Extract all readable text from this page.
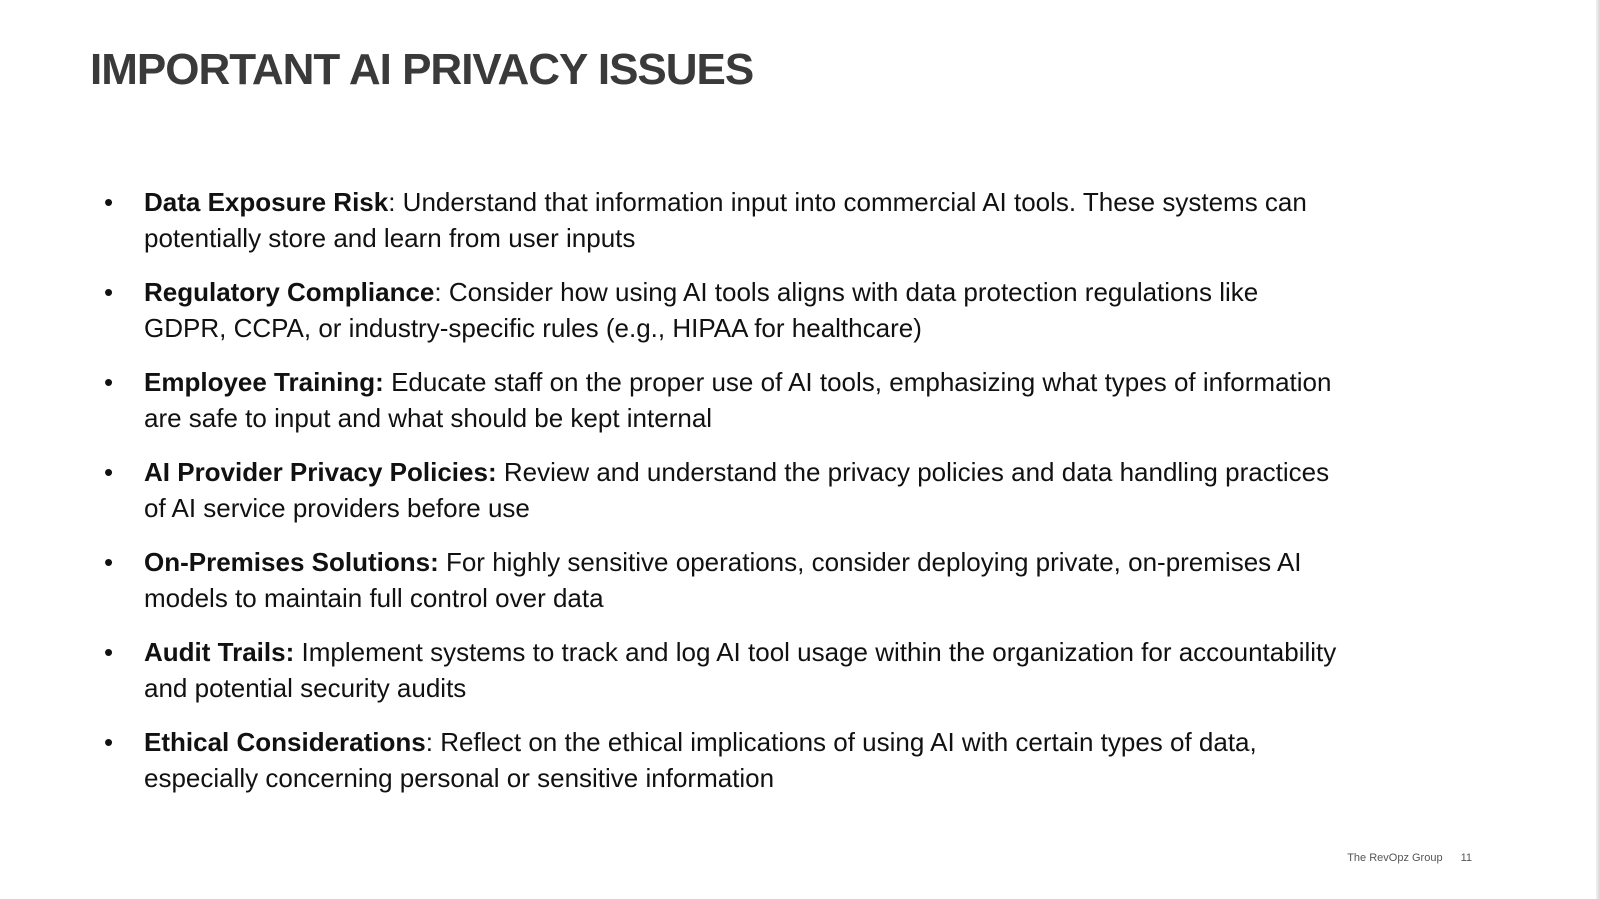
IMPORTANT AI PRIVACY ISSUES
• Data Exposure Risk: Understand that information input into commercial AI tools. These systems can potentially store and learn from user inputs
• Regulatory Compliance: Consider how using AI tools aligns with data protection regulations like GDPR, CCPA, or industry-specific rules (e.g., HIPAA for healthcare)
• Employee Training: Educate staff on the proper use of AI tools, emphasizing what types of information are safe to input and what should be kept internal
• AI Provider Privacy Policies: Review and understand the privacy policies and data handling practices of AI service providers before use
• On-Premises Solutions: For highly sensitive operations, consider deploying private, on-premises AI models to maintain full control over data
• Audit Trails: Implement systems to track and log AI tool usage within the organization for accountability and potential security audits
• Ethical Considerations: Reflect on the ethical implications of using AI with certain types of data, especially concerning personal or sensitive information
The RevOpz Group 11
